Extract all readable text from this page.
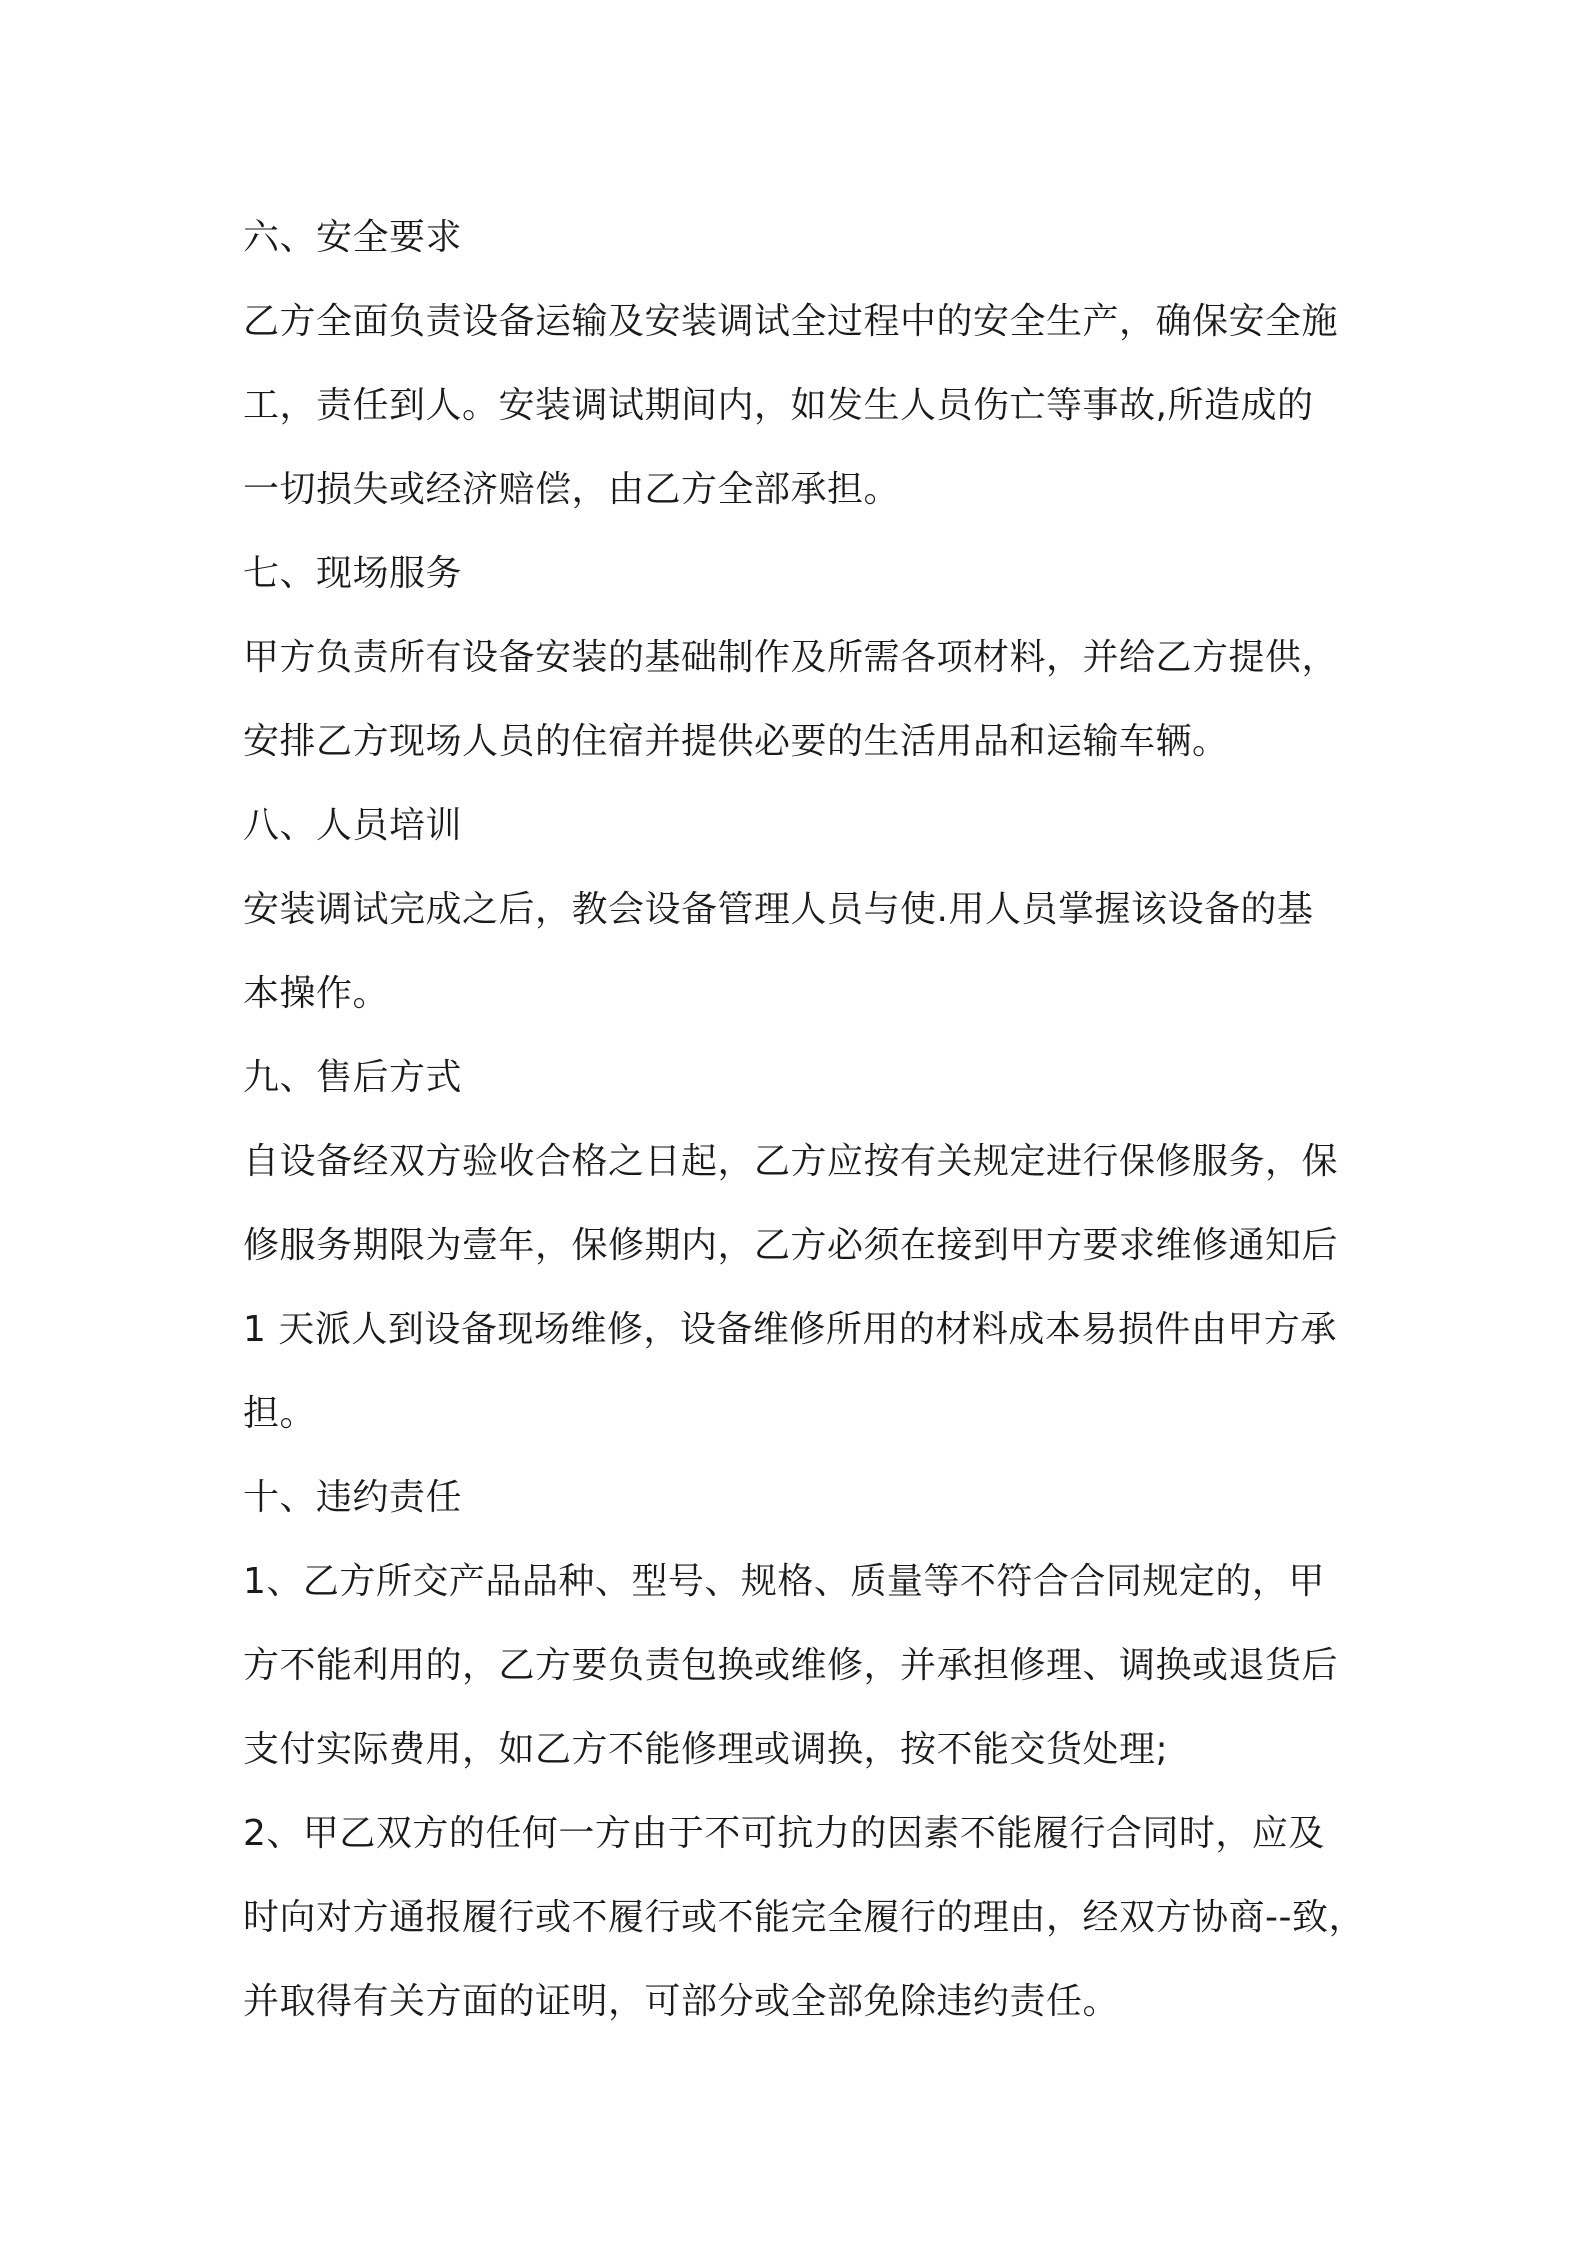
六、安全要求
乙方全面负责设备运输及安装调试全过程中的安全生产，确保安全施
工，责任到人。安装调试期间内，如发生人员伤亡等事故,所造成的
一切损失或经济赔偿，由乙方全部承担。
七、现场服务
甲方负责所有设备安装的基础制作及所需各项材料，并给乙方提供，
安排乙方现场人员的住宿并提供必要的生活用品和运输车辆。
八、人员培训
安装调试完成之后，教会设备管理人员与使.用人员掌握该设备的基
本操作。
九、售后方式
自设备经双方验收合格之日起，乙方应按有关规定进行保修服务，保
修服务期限为壹年，保修期内，乙方必须在接到甲方要求维修通知后
1 天派人到设备现场维修，设备维修所用的材料成本易损件由甲方承
担。
十、违约责任
1、乙方所交产品品种、型号、规格、质量等不符合合同规定的，甲
方不能利用的，乙方要负责包换或维修，并承担修理、调换或退货后
支付实际费用，如乙方不能修理或调换，按不能交货处理;
2、甲乙双方的任何一方由于不可抗力的因素不能履行合同时，应及
时向对方通报履行或不履行或不能完全履行的理由，经双方协商--致，
并取得有关方面的证明，可部分或全部免除违约责任。
